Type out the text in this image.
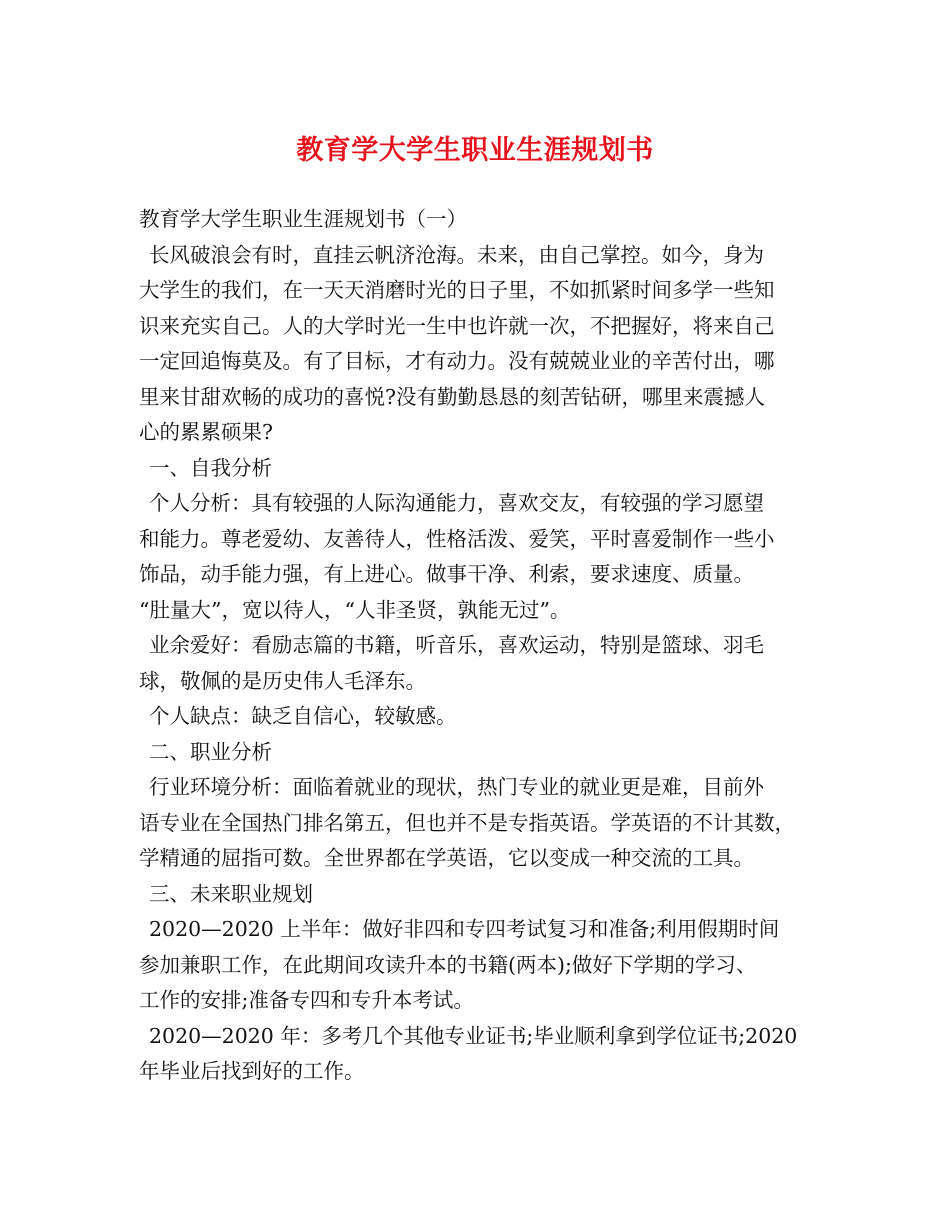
教育学大学生职业生涯规划书

教育学大学生职业生涯规划书（一）

长风破浪会有时，直挂云帆济沧海。未来，由自己掌控。如今，身为

大学生的我们，在一天天消磨时光的日子里，不如抓紧时间多学一些知

识来充实自己。人的大学时光一生中也许就一次，不把握好，将来自己

一定回追悔莫及。有了目标，才有动力。没有兢兢业业的辛苦付出，哪

里来甘甜欢畅的成功的喜悦?没有勤勤恳恳的刻苦钻研，哪里来震撼人

心的累累硕果?

一、自我分析

个人分析：具有较强的人际沟通能力，喜欢交友，有较强的学习愿望

和能力。尊老爱幼、友善待人，性格活泼、爱笑，平时喜爱制作一些小

饰品，动手能力强，有上进心。做事干净、利索，要求速度、质量。

“肚量大”，宽以待人，“人非圣贤，孰能无过”。

业余爱好：看励志篇的书籍，听音乐，喜欢运动，特别是篮球、羽毛

球，敬佩的是历史伟人毛泽东。

个人缺点：缺乏自信心，较敏感。

二、职业分析

行业环境分析：面临着就业的现状，热门专业的就业更是难，目前外

语专业在全国热门排名第五，但也并不是专指英语。学英语的不计其数，

学精通的屈指可数。全世界都在学英语，它以变成一种交流的工具。

三、未来职业规划

2020—2020 上半年：做好非四和专四考试复习和准备;利用假期时间

参加兼职工作，在此期间攻读升本的书籍(两本);做好下学期的学习、

工作的安排;准备专四和专升本考试。

2020—2020 年：多考几个其他专业证书;毕业顺利拿到学位证书;2020

年毕业后找到好的工作。
